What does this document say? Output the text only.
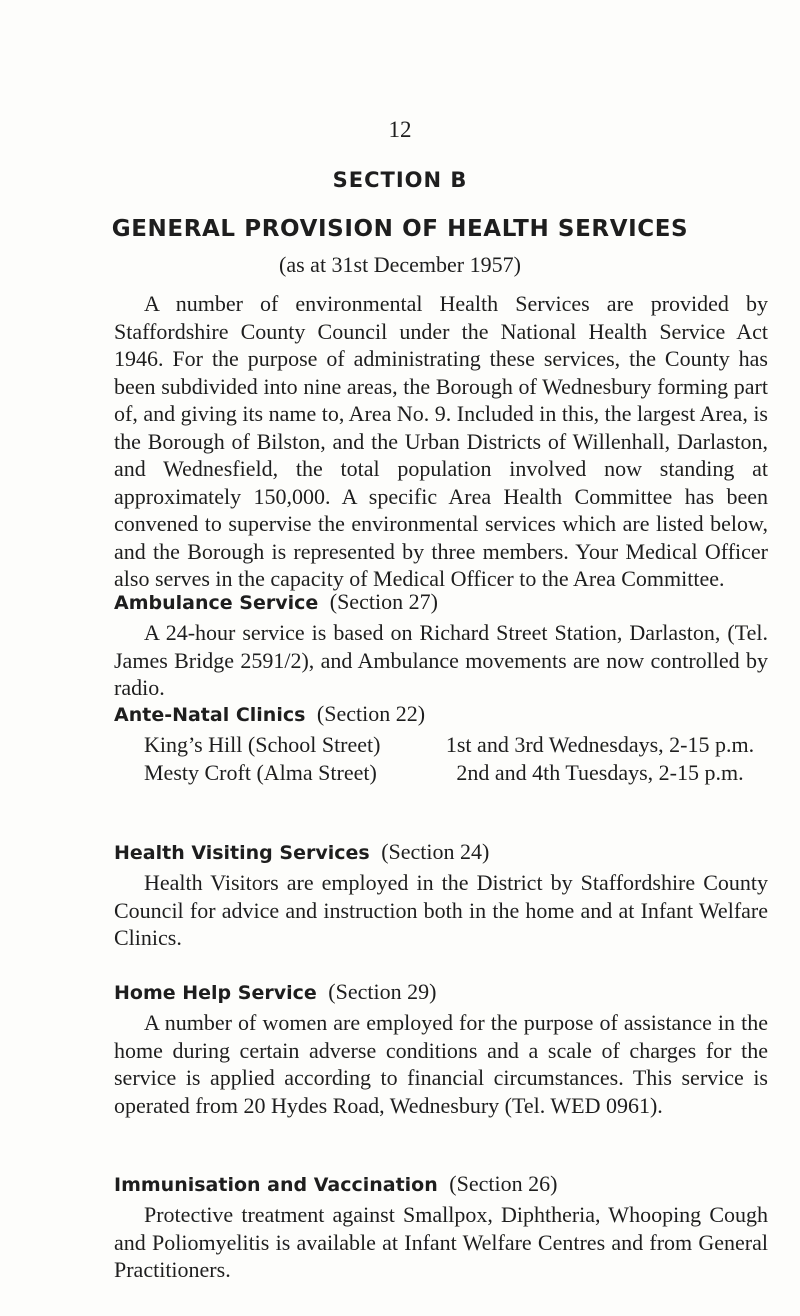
12
SECTION B
GENERAL PROVISION OF HEALTH SERVICES
(as at 31st December 1957)
A number of environmental Health Services are provided by Staffordshire County Council under the National Health Service Act 1946. For the purpose of administrating these services, the County has been subdivided into nine areas, the Borough of Wednesbury forming part of, and giving its name to, Area No. 9. Included in this, the largest Area, is the Borough of Bilston, and the Urban Districts of Willenhall, Darlaston, and Wednesfield, the total population involved now standing at approximately 150,000. A specific Area Health Committee has been convened to supervise the environmental services which are listed below, and the Borough is represented by three members. Your Medical Officer also serves in the capacity of Medical Officer to the Area Committee.
Ambulance Service (Section 27)
A 24-hour service is based on Richard Street Station, Darlaston, (Tel. James Bridge 2591/2), and Ambulance movements are now controlled by radio.
Ante-Natal Clinics (Section 22)
King’s Hill (School Street)	1st and 3rd Wednesdays, 2-15 p.m.
Mesty Croft (Alma Street)	2nd and 4th Tuesdays, 2-15 p.m.
Health Visiting Services (Section 24)
Health Visitors are employed in the District by Staffordshire County Council for advice and instruction both in the home and at Infant Welfare Clinics.
Home Help Service (Section 29)
A number of women are employed for the purpose of assistance in the home during certain adverse conditions and a scale of charges for the service is applied according to financial circumstances. This service is operated from 20 Hydes Road, Wednesbury (Tel. WED 0961).
Immunisation and Vaccination (Section 26)
Protective treatment against Smallpox, Diphtheria, Whooping Cough and Poliomyelitis is available at Infant Welfare Centres and from General Practitioners.
